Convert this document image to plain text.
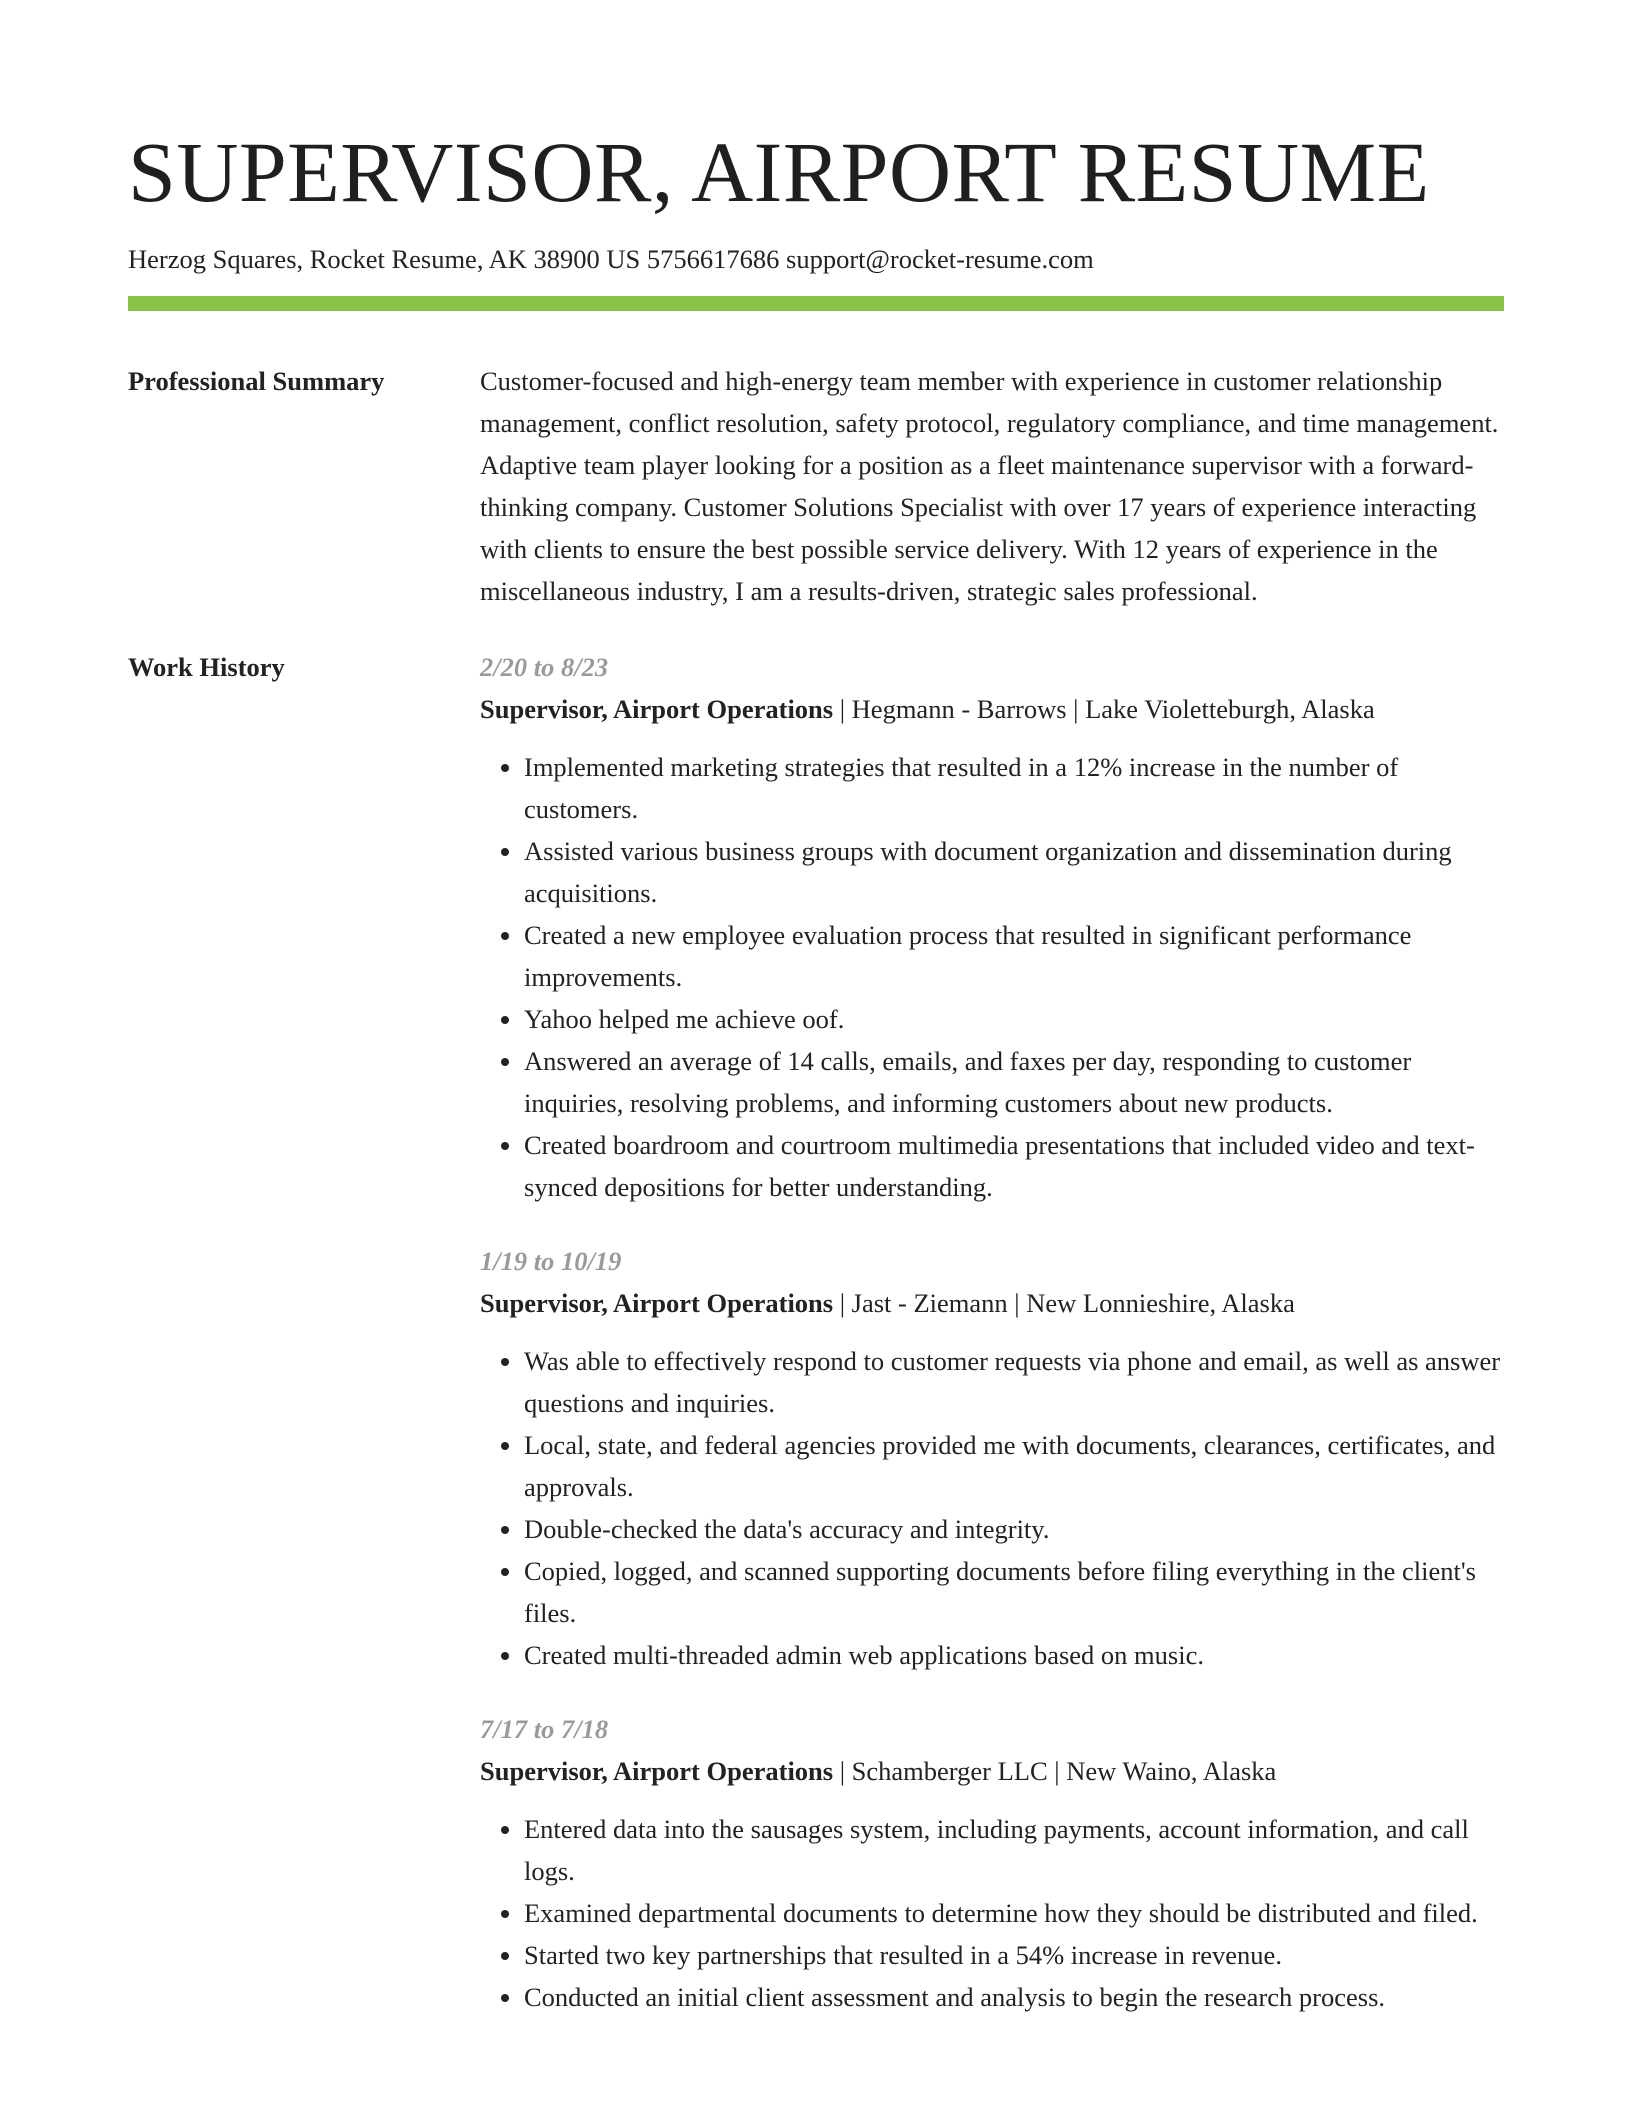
SUPERVISOR, AIRPORT RESUME
Herzog Squares, Rocket Resume, AK 38900 US 5756617686 support@rocket-resume.com
Professional Summary	Customer-focused and high-energy team member with experience in customer relationship management, conflict resolution, safety protocol, regulatory compliance, and time management. Adaptive team player looking for a position as a fleet maintenance supervisor with a forward-thinking company. Customer Solutions Specialist with over 17 years of experience interacting with clients to ensure the best possible service delivery. With 12 years of experience in the miscellaneous industry, I am a results-driven, strategic sales professional.

Work History	2/20 to 8/23
Supervisor, Airport Operations | Hegmann - Barrows | Lake Violetteburgh, Alaska
• Implemented marketing strategies that resulted in a 12% increase in the number of customers.
• Assisted various business groups with document organization and dissemination during acquisitions.
• Created a new employee evaluation process that resulted in significant performance improvements.
• Yahoo helped me achieve oof.
• Answered an average of 14 calls, emails, and faxes per day, responding to customer inquiries, resolving problems, and informing customers about new products.
• Created boardroom and courtroom multimedia presentations that included video and text-synced depositions for better understanding.
1/19 to 10/19
Supervisor, Airport Operations | Jast - Ziemann | New Lonnieshire, Alaska
• Was able to effectively respond to customer requests via phone and email, as well as answer questions and inquiries.
• Local, state, and federal agencies provided me with documents, clearances, certificates, and approvals.
• Double-checked the data's accuracy and integrity.
• Copied, logged, and scanned supporting documents before filing everything in the client's files.
• Created multi-threaded admin web applications based on music.
7/17 to 7/18
Supervisor, Airport Operations | Schamberger LLC | New Waino, Alaska
• Entered data into the sausages system, including payments, account information, and call logs.
• Examined departmental documents to determine how they should be distributed and filed.
• Started two key partnerships that resulted in a 54% increase in revenue.
• Conducted an initial client assessment and analysis to begin the research process.
